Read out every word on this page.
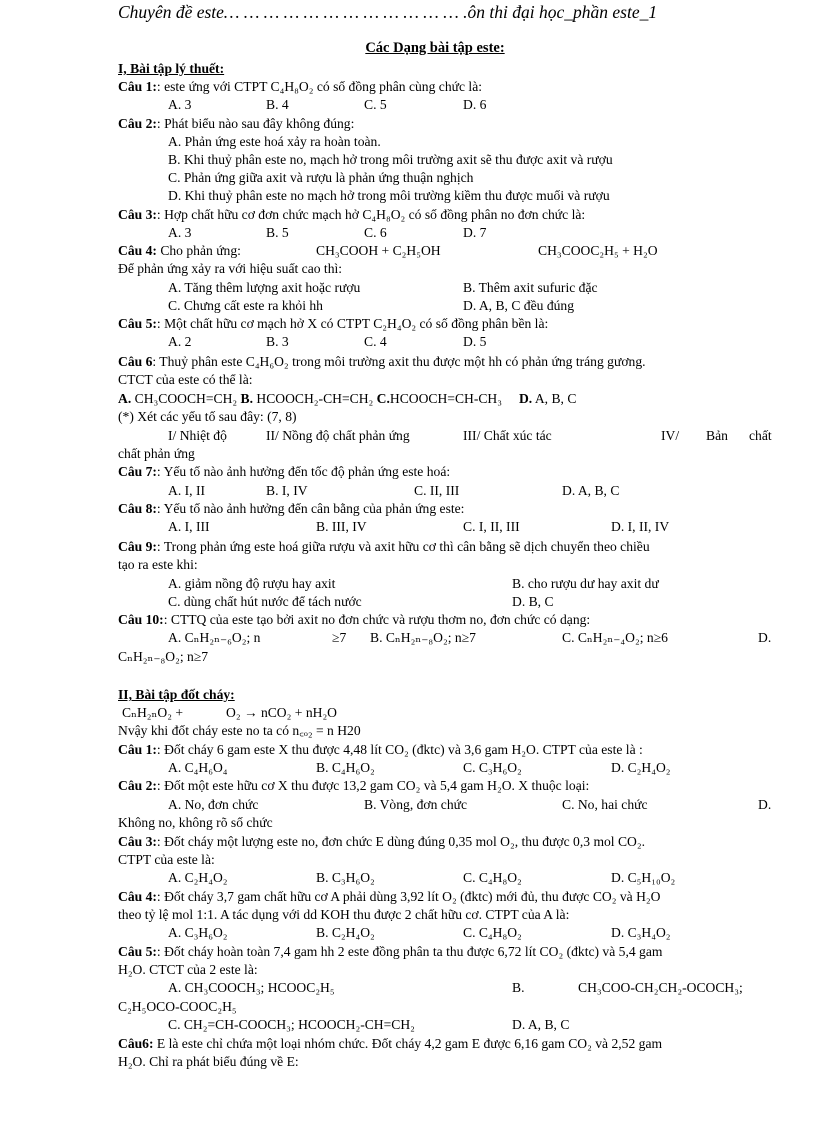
Chuyên đề este… … … … … … … … … … … … .ôn thi đại học_phần este_1
Các Dạng bài tập este:
I, Bài tập lý thuết:
Câu 1:: este ứng với CTPT C₄H₈O₂ có số đồng phân cùng chức là:
A. 3	B. 4	C. 5	D. 6
Câu 2:: Phát biểu nào sau đây không đúng:
A. Phản ứng este hoá xảy ra hoàn toàn.
B. Khi thuỷ phân este no, mạch hở trong môi trường axit sẽ thu được axit và rượu
C. Phản ứng giữa axit và rượu là phản ứng thuận nghịch
D. Khi thuỷ phân este no mạch hở trong môi trường kiềm thu được muối và rượu
Câu 3:: Hợp chất hữu cơ đơn chức mạch hở C₄H₈O₂ có số đồng phân no đơn chức là:
A. 3	B. 5	C. 6	D. 7
Câu 4: Cho phản ứng:	CH₃COOH + C₂H₅OH	CH₃COOC₂H₅ + H₂O
Để phản ứng xảy ra với hiệu suất cao thì:
A. Tăng thêm lượng axit hoặc rượu	B. Thêm axit sufuric đặc
C. Chưng cất este ra khỏi hh	D. A, B, C đều đúng
Câu 5:: Một chất hữu cơ mạch hở X có CTPT C₂H₄O₂ có số đồng phân bền là:
A. 2	B. 3	C. 4	D. 5
Câu 6: Thuỷ phân este C₄H₆O₂ trong môi trường axit thu được một hh có phản ứng tráng gương.
CTCT của este có thể là:
A. CH₃COOCH=CH₂ B. HCOOCH₂-CH=CH₂ C.HCOOCH=CH-CH₃ D. A, B, C
(*) Xét các yếu tố sau đây: (7, 8)
I/ Nhiệt độ	II/ Nồng độ chất phản ứng	III/ Chất xúc tác	IV/ Bản chất
chất phản ứng
Câu 7:: Yếu tố nào ảnh hưởng đến tốc độ phản ứng este hoá:
A. I, II	B. I, IV	C. II, III	D. A, B, C
Câu 8:: Yếu tố nào ảnh hưởng đến cân bằng của phản ứng este:
A. I, III	B. III, IV	C. I, II, III	D. I, II, IV
Câu 9:: Trong phản ứng este hoá giữa rượu và axit hữu cơ thì cân bằng sẽ dịch chuyển theo chiều
tạo ra este khi:
A. giảm nồng độ rượu hay axit	B. cho rượu dư hay axit dư
C. dùng chất hút nước để tách nước	D. B, C
Câu 10:: CTTQ của este tạo bởi axit no đơn chức và rượu thơm no, đơn chức có dạng:
A. CₙH₂ₙ₋₆O₂; n	≥7 B. CₙH₂ₙ₋₈O₂; n≥7	C. CₙH₂ₙ₋₄O₂; n≥6	D.
CₙH₂ₙ₋₈O₂; n≥7
II, Bài tập đốt cháy:
CₙH₂ₙO₂ +	O₂ → nCO₂ + nH₂O
Nvậy khi đốt cháy este no ta có n꜀ₒ₂ = n H20
Câu 1:: Đốt cháy 6 gam este X thu được 4,48 lít CO₂ (đktc) và 3,6 gam H₂O. CTPT của este là :
A. C₄H₆O₄	B. C₄H₆O₂	C. C₃H₆O₂	D. C₂H₄O₂
Câu 2:: Đốt một este hữu cơ X thu được 13,2 gam CO₂ và 5,4 gam H₂O. X thuộc loại:
A. No, đơn chức	B. Vòng, đơn chức	C. No, hai chức	D.
Không no, không rõ số chức
Câu 3:: Đốt cháy một lượng este no, đơn chức E dùng đúng 0,35 mol O₂, thu được 0,3 mol CO₂.
CTPT của este là:
A. C₂H₄O₂	B. C₃H₆O₂	C. C₄H₈O₂	D. C₅H₁₀O₂
Câu 4:: Đốt cháy 3,7 gam chất hữu cơ A phải dùng 3,92 lít O₂ (đktc) mới đủ, thu được CO₂ và H₂O
theo tỷ lệ mol 1:1. A tác dụng với dd KOH thu được 2 chất hữu cơ. CTPT của A là:
A. C₃H₆O₂	B. C₂H₄O₂	C. C₄H₈O₂	D. C₃H₄O₂
Câu 5:: Đốt cháy hoàn toàn 7,4 gam hh 2 este đồng phân ta thu được 6,72 lít CO₂ (đktc) và 5,4 gam
H₂O. CTCT của 2 este là:
A. CH₃COOCH₃; HCOOC₂H₅	B.	CH₃COO-CH₂CH₂-OCOCH₃;
C₂H₅OCO-COOC₂H₅
C. CH₂=CH-COOCH₃; HCOOCH₂-CH=CH₂	D. A, B, C
Câu6: E là este chỉ chứa một loại nhóm chức. Đốt cháy 4,2 gam E được 6,16 gam CO₂ và 2,52 gam
H₂O. Chỉ ra phát biểu đúng về E:
